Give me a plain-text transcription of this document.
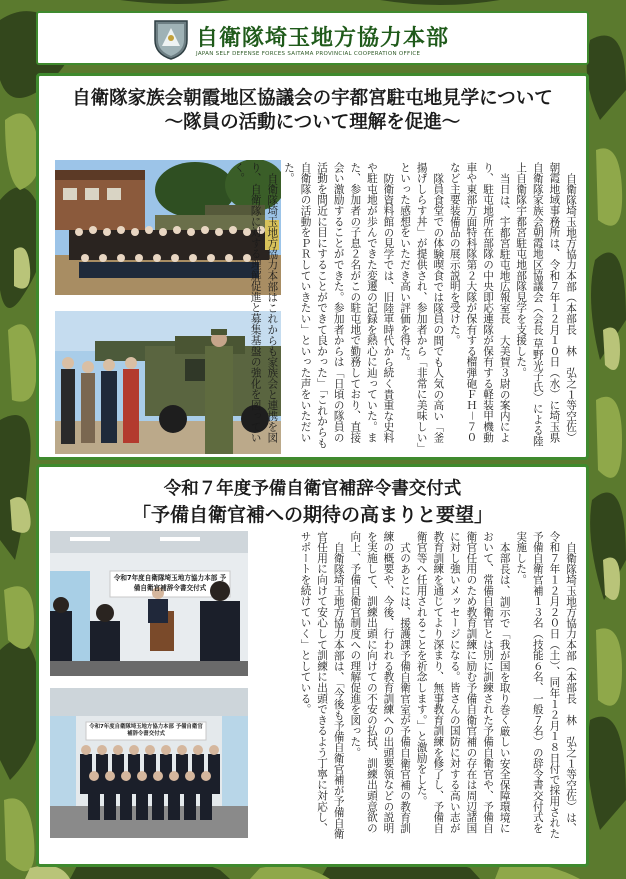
自衛隊埼玉地方協力本部
JAPAN SELF DEFENSE FORCES SAITAMA PROVINCIAL COOPERATION OFFICE
自衛隊家族会朝霞地区協議会の宇都宮駐屯地見学について
～隊員の活動について理解を促進～

自衛隊埼玉地方協力本部（本部長　林　弘之１等空佐）朝霞地域事務所は、令和７年１２月１０日（水）に埼玉県自衛隊家族会朝霞地区協議会（会長 草野光子氏）による陸上自衛隊宇都宮駐屯地部隊見学を支援した。

当日は、宇都宮駐屯地広報室長　大美賀３尉の案内により、駐屯地所在部隊の中央即応連隊が保有する軽装甲機動車や東部方面特科隊第２大隊が保有する榴弾砲ＦＨ－７０など主要装備品の展示説明を受けた。

隊員食堂での体験喫食では隊員の間でも人気の高い「釜揚げしらす丼」が提供され、参加者から「非常に美味しい」といった感想をいただき高い評価を得た。

防衛資料館の見学では、旧陸軍時代から続く貴重な史料や駐屯地が歩んできた変遷の記録を熱心に辿っていた。また、参加者の子息２名がこの駐屯地で勤務しており、直接会い激励することができた。参加者からは「日頃の隊員の活動を間近に目にすることができて良かった」「これからも自衛隊の活動をＰＲしていきたい」といった声をいただいた。

自衛隊埼玉地方協力本部はこれからも家族会と連携を図り、自衛隊に対する理解促進と募集基盤の強化を図っていく。

令和７年度予備自衛官補辞令書交付式
「予備自衛官補への期待の高まりと要望」
令和7年度自衛隊埼玉地方協力本部 予備自衛官補辞令書交付式
令和7年度自衛隊埼玉地方協力本部 予備自衛官補辞令書交付式	自衛隊埼玉地方協力本部（本部長　林　弘之１等空佐）は、令和７年１２月２０日（土）、同年１２月１８日付で採用された予備自衛官補１３名（技能６名、一般７名）の辞令書交付式を実施した。

本部長は、訓示で「我が国を取り巻く厳しい安全保障環境において、常備自衛官とは別に訓練された予備自衛官や、予備自衛官任用のため教育訓練に励む予備自衛官補の存在は周辺諸国に対し強いメッセージになる。皆さんの国防に対する高い志が教育訓練を通じてより深まり、無事教育訓練を修了し、予備自衛官等へ任用されることを祈念します。」と激励をした。

式のあとには、援護課予備自衛官室が予備自衛官補の教育訓練の概要や、今後、行われる教育訓練への出頭要領などの説明を実施して、訓練出頭に向けての不安の払拭、訓練出頭意欲の向上、予備自衛官制度への理解促進を図った。

自衛隊埼玉地方協力本部は、「今後も予備自衛官補が予備自衛官任用に向けて安心して訓練に出頭できるよう丁寧に対応し、サポートを続けていく」としている。
